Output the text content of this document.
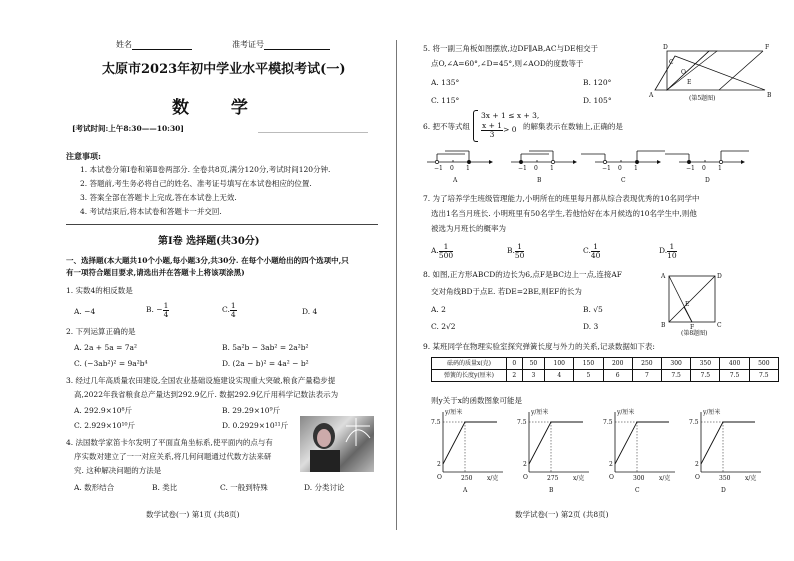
姓名	准考证号
太原市2023年初中学业水平模拟考试(一)
数 学
[考试时间:上午8:30——10:30]
注意事项:
1. 本试卷分第Ⅰ卷和第Ⅱ卷两部分. 全卷共8页,满分120分,考试时间120分钟.
2. 答题前,考生务必将自己的姓名、准考证号填写在本试卷相应的位置.
3. 答案全部在答题卡上完成,答在本试卷上无效.
4. 考试结束后,将本试卷和答题卡一并交回.
第Ⅰ卷 选择题(共30分)
一、选择题(本大题共10个小题,每小题3分,共30分. 在每个小题给出的四个选项中,只
有一项符合题目要求,请选出并在答题卡上将该项涂黑)
1. 实数4的相反数是
A. −4	B. − $\frac{1}{4}$	C. $\frac{1}{4}$	D. 4
2. 下列运算正确的是
A. 2a + 5a = 7a²	B. 5a²b − 3ab² = 2a²b²
C. (−3ab²)² = 9a²b⁴	D. (2a − b)² = 4a² − b²
3. 经过几年高质量农田建设,全国农业基础设施建设实现重大突破,粮食产量稳步提
高,2022年我省粮食总产量达到292.9亿斤. 数据292.9亿斤用科学记数法表示为
A. 292.9×10⁸斤	B. 29.29×10⁹斤
C. 2.929×10¹⁰斤	D. 0.2929×10¹¹斤
4. 法国数学家笛卡尔发明了平面直角坐标系,使平面内的点与有
序实数对建立了一一对应关系,将几何问题通过代数方法来研
究. 这种解决问题的方法是
A. 数形结合	B. 类比	C. 一般到特殊	D. 分类讨论
数学试卷(一) 第1页 (共8页)
5. 将一副三角板如图摆放,边DF∥AB,AC与DE相交于
点O,∠A=60°,∠D=45°,则∠AOD的度数等于
A. 135°	B. 120°
C. 115°	D. 105°
D	F
C
O
E
A	B
(第5题图)
6. 把不等式组
3x + 1 ≤ x + 3,
$\frac{x + 1}{3} > 0$ 的解集表示在数轴上,正确的是
−1 0 1
A
−1 0 1
B
−1 0 1
C
−1 0 1
D
7. 为了培养学生班级管理能力,小明所在的班里每月都从综合表现优秀的10名同学中
选出1名当月班长. 小明班里有50名学生,若他恰好在本月候选的10名学生中,则他
被选为月班长的概率为
A. $\frac{1}{500}$	B. $\frac{1}{50}$	C. $\frac{1}{40}$	D. $\frac{1}{10}$
8. 如图,正方形ABCD的边长为6,点F是BC边上一点,连接AF
交对角线BD于点E. 若DE=2BE,则EF的长为
A. 2	B. √5
C. 2√2	D. 3
A	D
E
B	F	C
(第8题图)
9. 某班同学在物理实验室探究弹簧长度与外力的关系,记录数据如下表:
砝码的质量x(克)	0	50	100	150	200	250	300	350	400	500
弹簧的长度y(厘米)	2	3	4	5	6	7	7.5	7.5	7.5	7.5
则y关于x的函数图象可能是
y/厘米
x/克
7.5
2
O	250
A
y/厘米
x/克
7.5
2
O	275
B
y/厘米
x/克
7.5
2
O	300
C
y/厘米
x/克
7.5
2
O	350
D
数学试卷(一) 第2页 (共8页)
